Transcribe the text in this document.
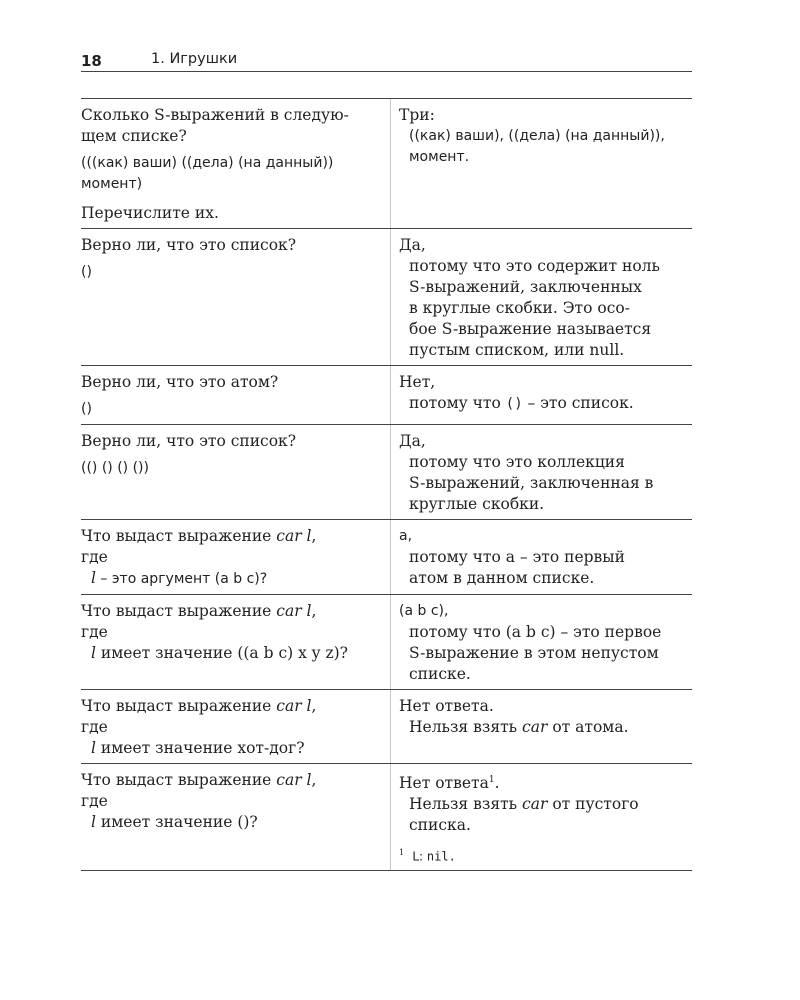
18	1. Игрушки
Сколько S-выражений в следую-
щем списке?
(((как) ваши) ((дела) (на данный))
момент)
Перечислите их.
Три:
((как) ваши), ((дела) (на данный)),
момент.
Верно ли, что это список?
()
Да,
потому что это содержит ноль
S-выражений, заключенных
в круглые скобки. Это осо-
бое S-выражение называется
пустым списком, или null.
Верно ли, что это атом?
()
Нет,
потому что () – это список.
Верно ли, что это список?
(() () () ())
Да,
потому что это коллекция
S-выражений, заключенная в
круглые скобки.
Что выдаст выражение car l,
где
l – это аргумент (a b c)?
a,
потому что a – это первый
атом в данном списке.
Что выдаст выражение car l,
где
l имеет значение ((a b c) x y z)?
(a b c),
потому что (a b c) – это первое
S-выражение в этом непустом
списке.
Что выдаст выражение car l,
где
l имеет значение хот-дог?
Нет ответа.
Нельзя взять car от атома.
Что выдаст выражение car l,
где
l имеет значение ()?
Нет ответа$^1$.
Нельзя взять car от пустого
списка.
$^1$ L: nil.
